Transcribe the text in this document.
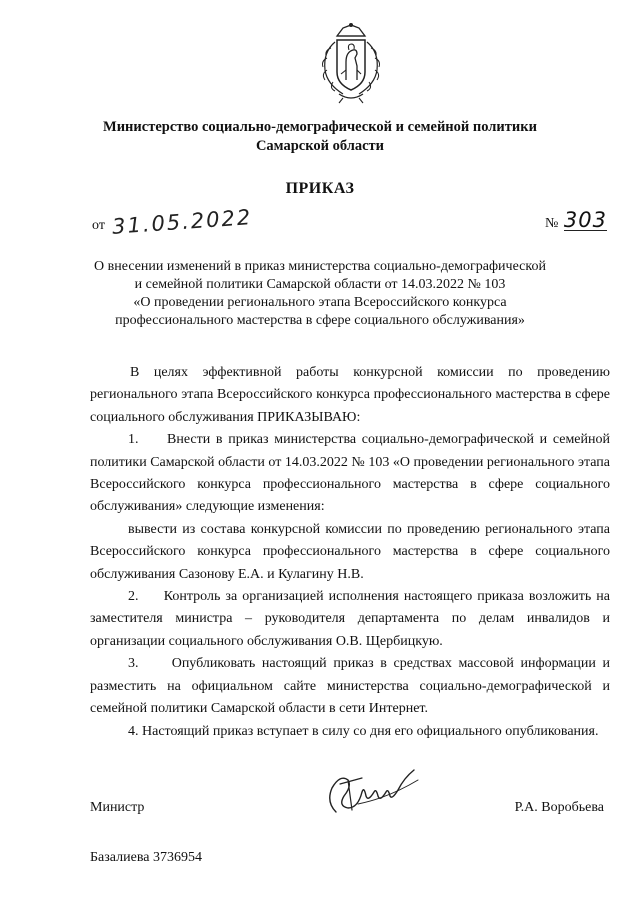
Министерство социально-демографической и семейной политики
Самарской области
ПРИКАЗ
от 31.05.2022	№ 303
О внесении изменений в приказ министерства социально-демографической
и семейной политики Самарской области от 14.03.2022 № 103
«О проведении регионального этапа Всероссийского конкурса
профессионального мастерства в сфере социального обслуживания»

В целях эффективной работы конкурсной комиссии по проведению регионального этапа Всероссийского конкурса профессионального мастерства в сфере социального обслуживания ПРИКАЗЫВАЮ:

1.     Внести в приказ министерства социально-демографической и семейной политики Самарской области от 14.03.2022 № 103 «О проведении регионального этапа Всероссийского конкурса профессионального мастерства в сфере социального обслуживания» следующие изменения:

вывести из состава конкурсной комиссии по проведению регионального этапа Всероссийского конкурса профессионального мастерства в сфере социального обслуживания Сазонову Е.А. и Кулагину Н.В.

2.     Контроль за организацией исполнения настоящего приказа возложить на заместителя министра – руководителя департамента по делам инвалидов и организации социального обслуживания О.В. Щербицкую.

3.     Опубликовать настоящий приказ в средствах массовой информации и разместить на официальном сайте министерства социально-демографической и семейной политики Самарской области в сети Интернет.

4. Настоящий приказ вступает в силу со дня его официального опубликования.

Министр	Р.А. Воробьева
Базалиева 3736954
